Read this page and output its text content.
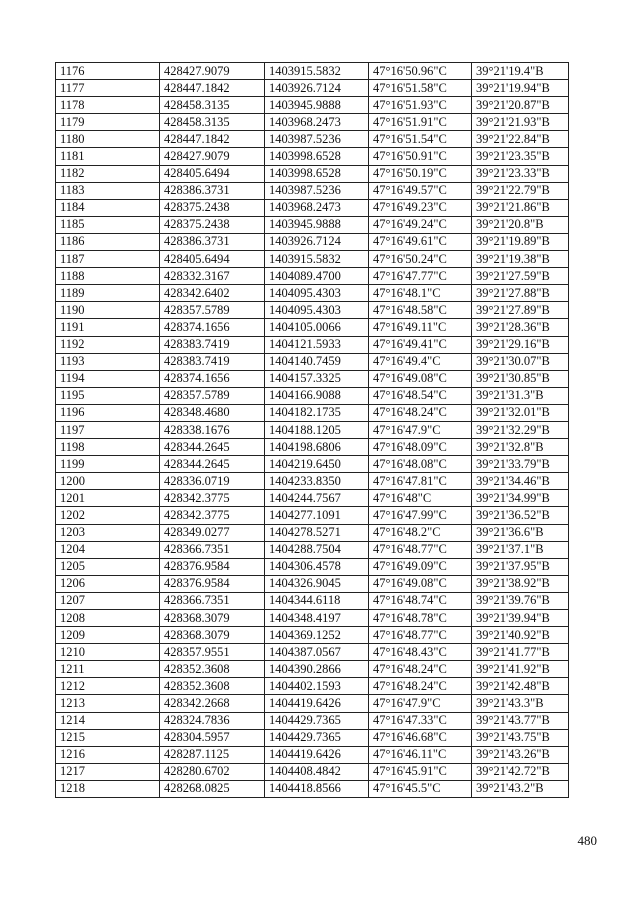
1176	428427.9079	1403915.5832	47°16'50.96"С	39°21'19.4"В
1177	428447.1842	1403926.7124	47°16'51.58"С	39°21'19.94"В
1178	428458.3135	1403945.9888	47°16'51.93"С	39°21'20.87"В
1179	428458.3135	1403968.2473	47°16'51.91"С	39°21'21.93"В
1180	428447.1842	1403987.5236	47°16'51.54"С	39°21'22.84"В
1181	428427.9079	1403998.6528	47°16'50.91"С	39°21'23.35"В
1182	428405.6494	1403998.6528	47°16'50.19"С	39°21'23.33"В
1183	428386.3731	1403987.5236	47°16'49.57"С	39°21'22.79"В
1184	428375.2438	1403968.2473	47°16'49.23"С	39°21'21.86"В
1185	428375.2438	1403945.9888	47°16'49.24"С	39°21'20.8"В
1186	428386.3731	1403926.7124	47°16'49.61"С	39°21'19.89"В
1187	428405.6494	1403915.5832	47°16'50.24"С	39°21'19.38"В
1188	428332.3167	1404089.4700	47°16'47.77"С	39°21'27.59"В
1189	428342.6402	1404095.4303	47°16'48.1"С	39°21'27.88"В
1190	428357.5789	1404095.4303	47°16'48.58"С	39°21'27.89"В
1191	428374.1656	1404105.0066	47°16'49.11"С	39°21'28.36"В
1192	428383.7419	1404121.5933	47°16'49.41"С	39°21'29.16"В
1193	428383.7419	1404140.7459	47°16'49.4"С	39°21'30.07"В
1194	428374.1656	1404157.3325	47°16'49.08"С	39°21'30.85"В
1195	428357.5789	1404166.9088	47°16'48.54"С	39°21'31.3"В
1196	428348.4680	1404182.1735	47°16'48.24"С	39°21'32.01"В
1197	428338.1676	1404188.1205	47°16'47.9"С	39°21'32.29"В
1198	428344.2645	1404198.6806	47°16'48.09"С	39°21'32.8"В
1199	428344.2645	1404219.6450	47°16'48.08"С	39°21'33.79"В
1200	428336.0719	1404233.8350	47°16'47.81"С	39°21'34.46"В
1201	428342.3775	1404244.7567	47°16'48"С	39°21'34.99"В
1202	428342.3775	1404277.1091	47°16'47.99"С	39°21'36.52"В
1203	428349.0277	1404278.5271	47°16'48.2"С	39°21'36.6"В
1204	428366.7351	1404288.7504	47°16'48.77"С	39°21'37.1"В
1205	428376.9584	1404306.4578	47°16'49.09"С	39°21'37.95"В
1206	428376.9584	1404326.9045	47°16'49.08"С	39°21'38.92"В
1207	428366.7351	1404344.6118	47°16'48.74"С	39°21'39.76"В
1208	428368.3079	1404348.4197	47°16'48.78"С	39°21'39.94"В
1209	428368.3079	1404369.1252	47°16'48.77"С	39°21'40.92"В
1210	428357.9551	1404387.0567	47°16'48.43"С	39°21'41.77"В
1211	428352.3608	1404390.2866	47°16'48.24"С	39°21'41.92"В
1212	428352.3608	1404402.1593	47°16'48.24"С	39°21'42.48"В
1213	428342.2668	1404419.6426	47°16'47.9"С	39°21'43.3"В
1214	428324.7836	1404429.7365	47°16'47.33"С	39°21'43.77"В
1215	428304.5957	1404429.7365	47°16'46.68"С	39°21'43.75"В
1216	428287.1125	1404419.6426	47°16'46.11"С	39°21'43.26"В
1217	428280.6702	1404408.4842	47°16'45.91"С	39°21'42.72"В
1218	428268.0825	1404418.8566	47°16'45.5"С	39°21'43.2"В
480
